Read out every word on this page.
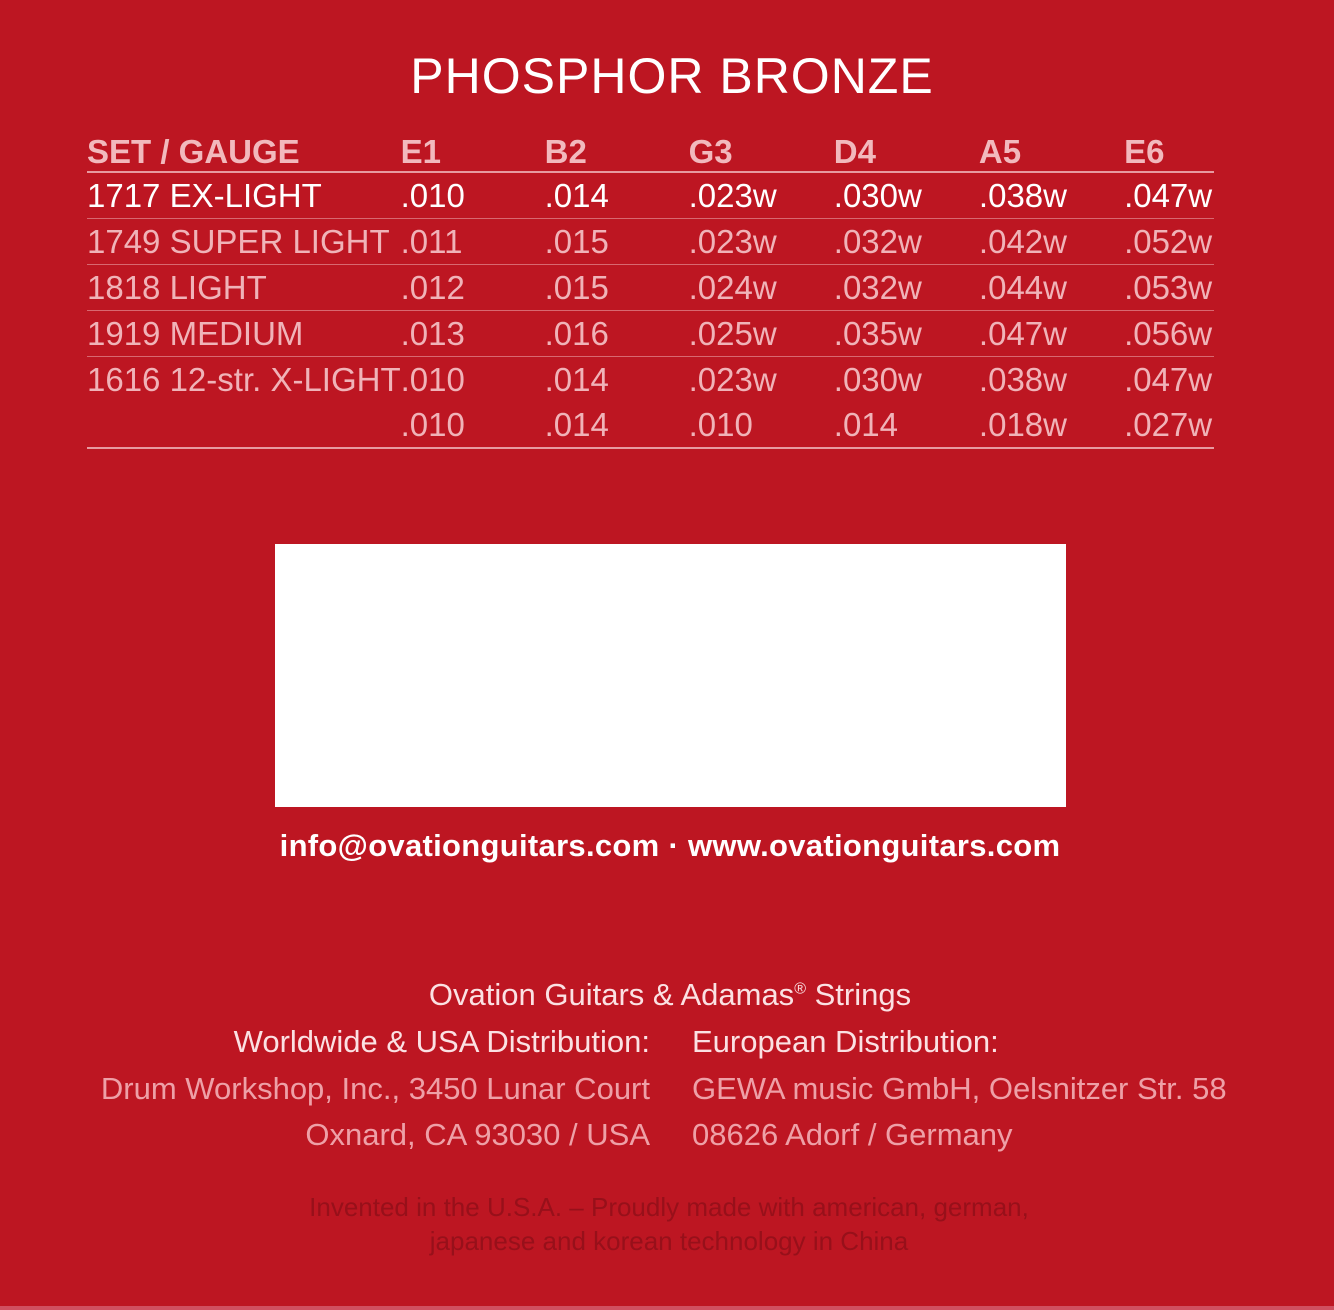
PHOSPHOR BRONZE
SET / GAUGE	E1	B2	G3	D4	A5	E6
1717 EX-LIGHT	.010	.014	.023w	.030w	.038w	.047w
1749 SUPER LIGHT	.011	.015	.023w	.032w	.042w	.052w
1818 LIGHT	.012	.015	.024w	.032w	.044w	.053w
1919 MEDIUM	.013	.016	.025w	.035w	.047w	.056w
1616 12-str. X-LIGHT	.010	.014	.023w	.030w	.038w	.047w
	.010	.014	.010	.014	.018w	.027w
info@ovationguitars.com · www.ovationguitars.com
Ovation Guitars & Adamas® Strings
Worldwide & USA Distribution:
Drum Workshop, Inc., 3450 Lunar Court
Oxnard, CA 93030 / USA
European Distribution:
GEWA music GmbH, Oelsnitzer Str. 58
08626 Adorf / Germany
Invented in the U.S.A. – Proudly made with american, german,
japanese and korean technology in China
